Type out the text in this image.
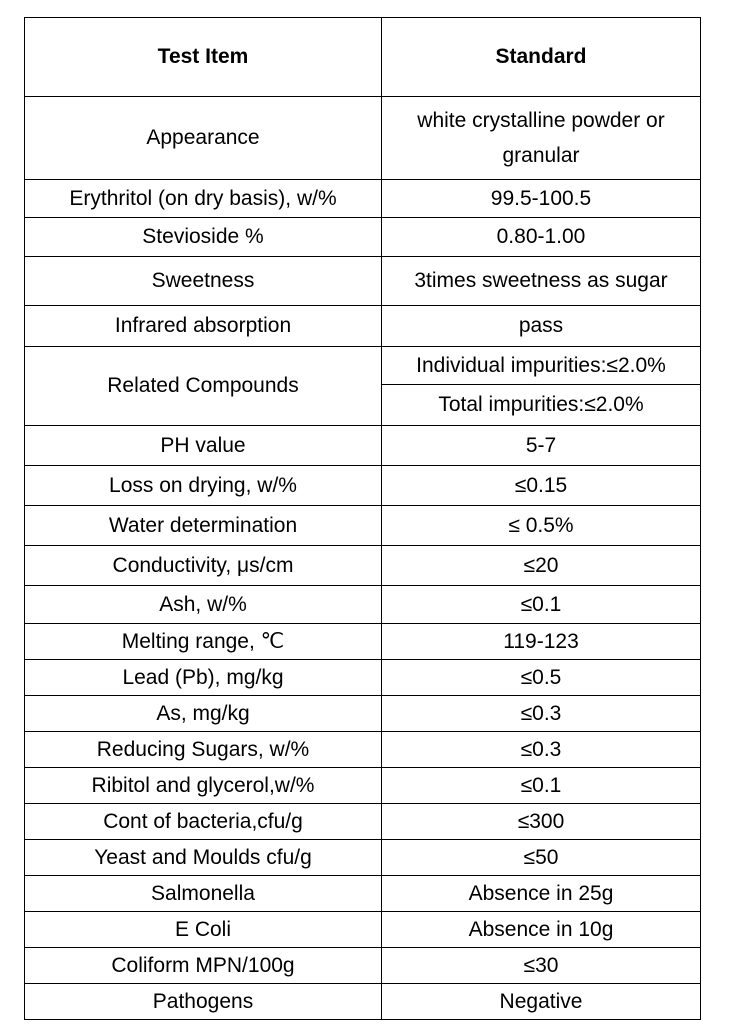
Test Item	Standard
Appearance	white crystalline powder or granular
Erythritol (on dry basis), w/%	99.5-100.5
Stevioside %	0.80-1.00
Sweetness	3times sweetness as sugar
Infrared absorption	pass
Related Compounds	Individual impurities:≤2.0%
	Total impurities:≤2.0%
PH value	5-7
Loss on drying, w/%	≤0.15
Water determination	≤ 0.5%
Conductivity, μs/cm	≤20
Ash, w/%	≤0.1
Melting range, ℃	119-123
Lead (Pb), mg/kg	≤0.5
As, mg/kg	≤0.3
Reducing Sugars, w/%	≤0.3
Ribitol and glycerol,w/%	≤0.1
Cont of bacteria,cfu/g	≤300
Yeast and Moulds cfu/g	≤50
Salmonella	Absence in 25g
E Coli	Absence in 10g
Coliform MPN/100g	≤30
Pathogens	Negative
